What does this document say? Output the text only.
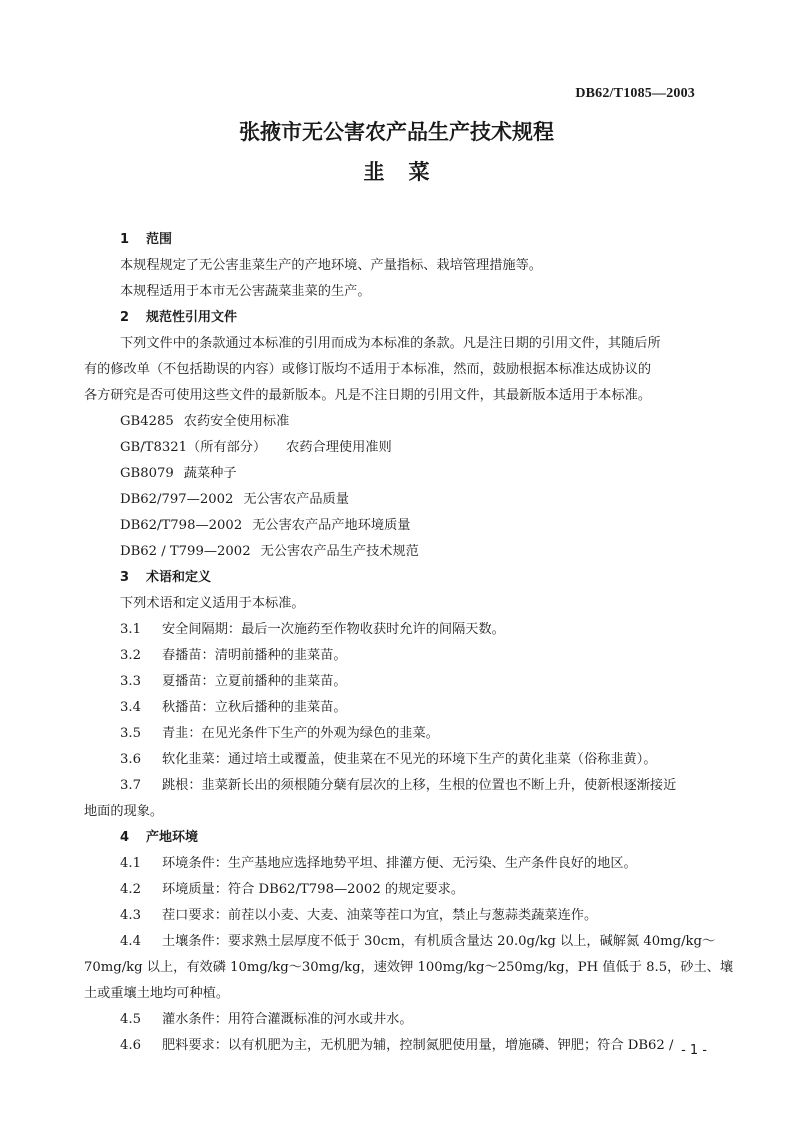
DB62/T1085—2003
张掖市无公害农产品生产技术规程
韭菜
1 范围
本规程规定了无公害韭菜生产的产地环境、产量指标、栽培管理措施等。
本规程适用于本市无公害蔬菜韭菜的生产。
2 规范性引用文件
下列文件中的条款通过本标准的引用而成为本标准的条款。凡是注日期的引用文件，其随后所
有的修改单（不包括勘误的内容）或修订版均不适用于本标准，然而，鼓励根据本标准达成协议的
各方研究是否可使用这些文件的最新版本。凡是不注日期的引用文件，其最新版本适用于本标准。
GB4285 农药安全使用标准
GB/T8321（所有部分） 农药合理使用准则
GB8079 蔬菜种子
DB62/797—2002 无公害农产品质量
DB62/T798—2002 无公害农产品产地环境质量
DB62 / T799—2002 无公害农产品生产技术规范
3 术语和定义
下列术语和定义适用于本标准。
3.1 安全间隔期：最后一次施药至作物收获时允许的间隔天数。
3.2 春播苗：清明前播种的韭菜苗。
3.3 夏播苗：立夏前播种的韭菜苗。
3.4 秋播苗：立秋后播种的韭菜苗。
3.5 青韭：在见光条件下生产的外观为绿色的韭菜。
3.6 软化韭菜：通过培土或覆盖，使韭菜在不见光的环境下生产的黄化韭菜（俗称韭黄）。
3.7 跳根：韭菜新长出的须根随分蘖有层次的上移，生根的位置也不断上升，使新根逐渐接近
地面的现象。
4 产地环境
4.1 环境条件：生产基地应选择地势平坦、排灌方便、无污染、生产条件良好的地区。
4.2 环境质量：符合 DB62/T798—2002 的规定要求。
4.3 茬口要求：前茬以小麦、大麦、油菜等茬口为宜，禁止与葱蒜类蔬菜连作。
4.4 土壤条件：要求熟土层厚度不低于 30cm，有机质含量达 20.0g/kg 以上，碱解氮 40mg/kg～
70mg/kg 以上，有效磷 10mg/kg～30mg/kg，速效钾 100mg/kg～250mg/kg，PH 值低于 8.5，砂土、壤
土或重壤土地均可种植。
4.5 灌水条件：用符合灌溉标准的河水或井水。
4.6 肥料要求：以有机肥为主，无机肥为辅，控制氮肥使用量，增施磷、钾肥；符合 DB62 / - 1 -
